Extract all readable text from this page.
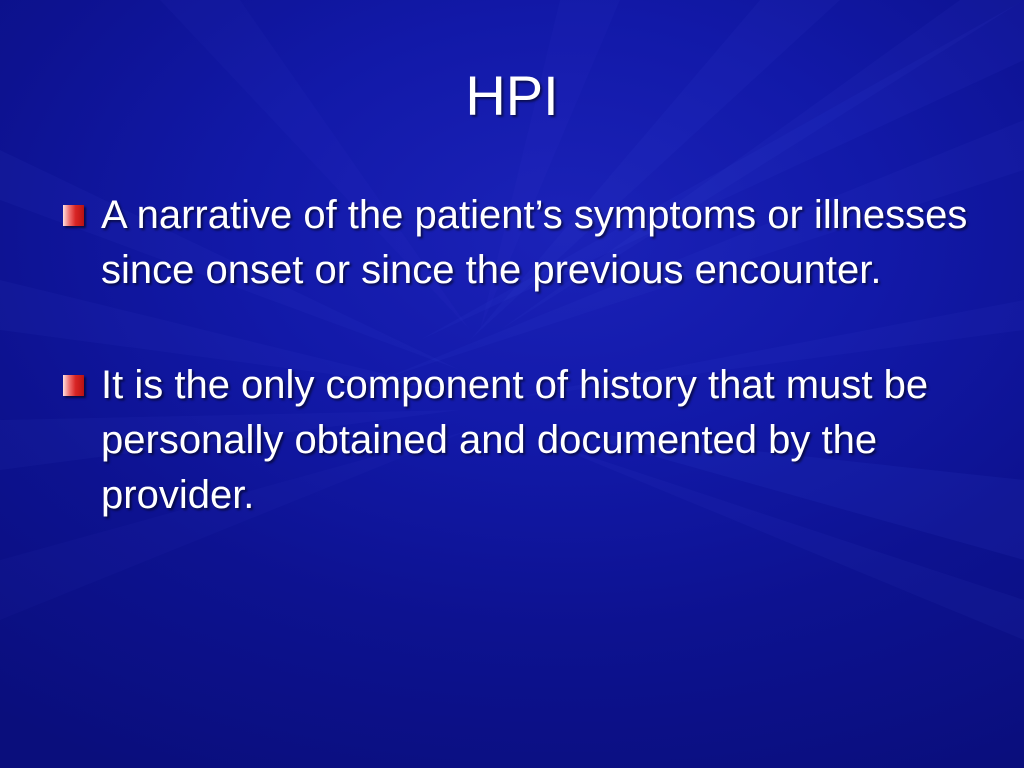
HPI
A narrative of the patient’s symptoms or illnesses since onset or since the previous encounter.
It is the only component of history that must be personally obtained and documented by the provider.
